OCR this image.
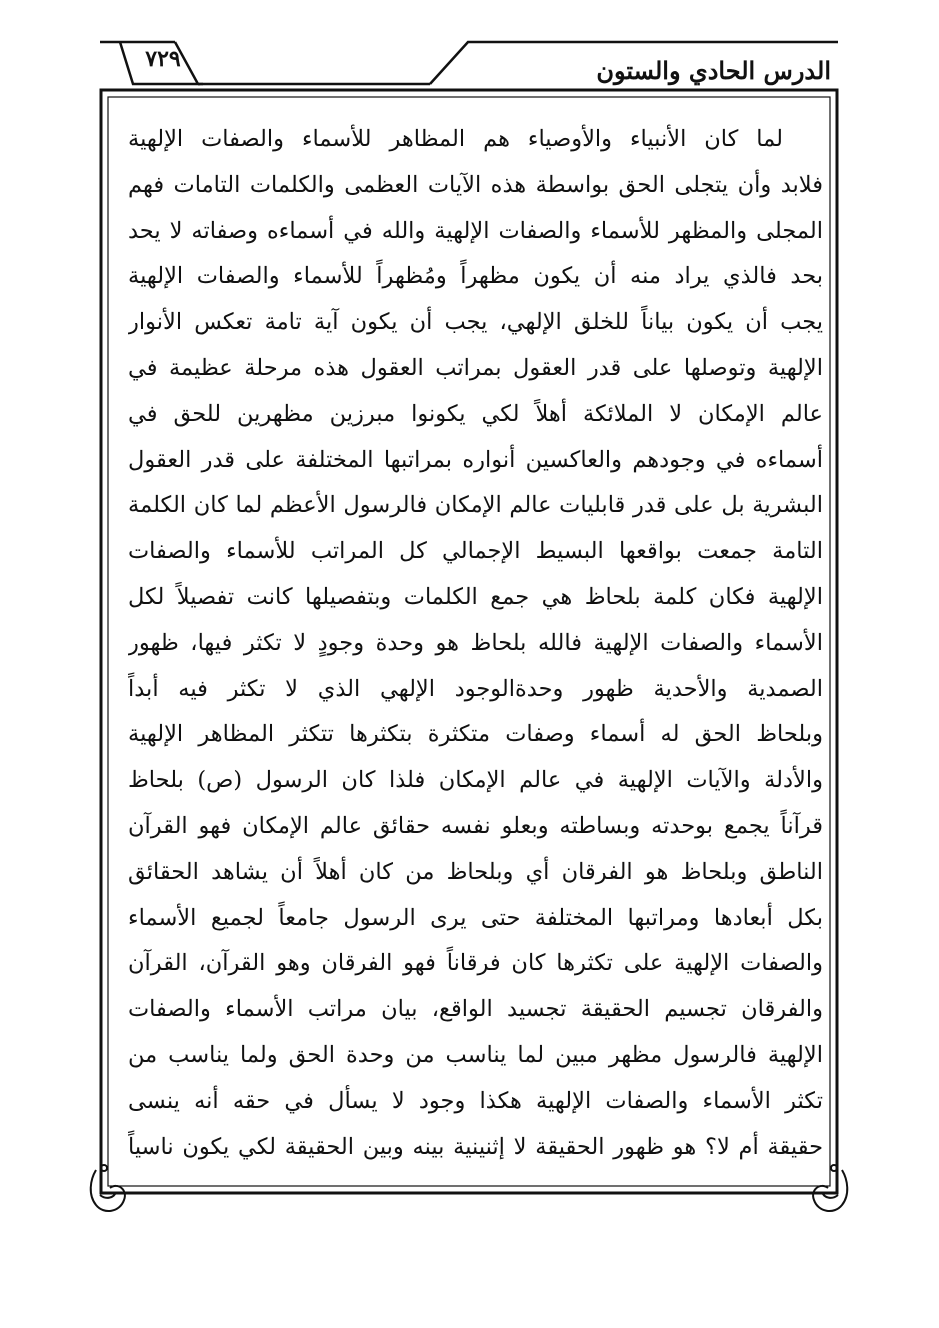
الدرس الحادي والستون
٧٢٩
لما كان الأنبياء والأوصياء هم المظاهر للأسماء والصفات الإلهية
فلابد وأن يتجلى الحق بواسطة هذه الآيات العظمى والكلمات التامات فهم
المجلى والمظهر للأسماء والصفات الإلهية والله في أسماءه وصفاته لا يحد
بحد فالذي يراد منه أن يكون مظهراً ومُظهراً للأسماء والصفات الإلهية
يجب أن يكون بياناً للخلق الإلهي، يجب أن يكون آية تامة تعكس الأنوار
الإلهية وتوصلها على قدر العقول بمراتب العقول هذه مرحلة عظيمة في
عالم الإمكان لا الملائكة أهلاً لكي يكونوا مبرزين مظهرين للحق في
أسماءه في وجودهم والعاكسين أنواره بمراتبها المختلفة على قدر العقول
البشرية بل على قدر قابليات عالم الإمكان فالرسول الأعظم لما كان الكلمة
التامة جمعت بواقعها البسيط الإجمالي كل المراتب للأسماء والصفات
الإلهية فكان كلمة بلحاظ هي جمع الكلمات وبتفصيلها كانت تفصيلاً لكل
الأسماء والصفات الإلهية فالله بلحاظ هو وحدة وجودٍ لا تكثر فيها، ظهور
الصمدية والأحدية ظهور وحدةالوجود الإلهي الذي لا تكثر فيه أبداً
وبلحاظ الحق له أسماء وصفات متكثرة بتكثرها تتكثر المظاهر الإلهية
والأدلة والآيات الإلهية في عالم الإمكان فلذا كان الرسول (ص) بلحاظ
قرآناً يجمع بوحدته وبساطته وبعلو نفسه حقائق عالم الإمكان فهو القرآن
الناطق وبلحاظ هو الفرقان أي وبلحاظ من كان أهلاً أن يشاهد الحقائق
بكل أبعادها ومراتبها المختلفة حتى يرى الرسول جامعاً لجميع الأسماء
والصفات الإلهية على تكثرها كان فرقاناً فهو الفرقان وهو القرآن، القرآن
والفرقان تجسيم الحقيقة تجسيد الواقع، بيان مراتب الأسماء والصفات
الإلهية فالرسول مظهر مبين لما يناسب من وحدة الحق ولما يناسب من
تكثر الأسماء والصفات الإلهية هكذا وجود لا يسأل في حقه أنه ينسى
حقيقة أم لا؟ هو ظهور الحقيقة لا إثنينية بينه وبين الحقيقة لكي يكون ناسياً
